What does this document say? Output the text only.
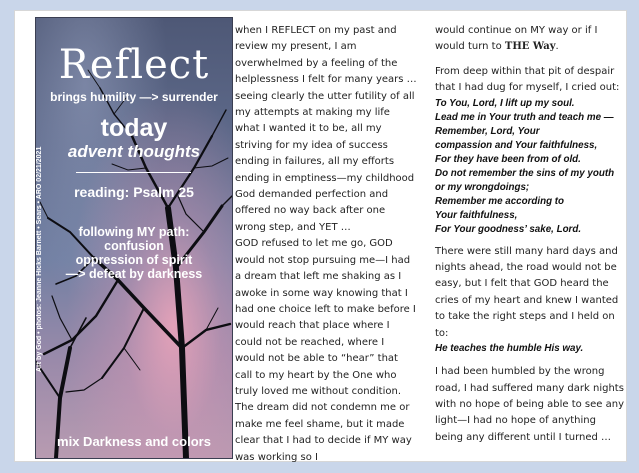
Reflect
brings humility —> surrender
today
advent thoughts
reading: Psalm 25
following MY path:
confusion
oppression of spirit
—> defeat by darkness
Art by God • photos: Jeanne Hicks Barnett • Sears • ARO 02/21/2021
mix Darkness and colors

when I REFLECT on my past and review my present, I am overwhelmed by a feeling of the helplessness I felt for many years … seeing clearly the utter futility of all my attempts at making my life what I wanted it to be, all my striving for my idea of success ending in failures, all my efforts ending in emptiness—my childhood God demanded perfection and offered no way back after one wrong step, and YET …

GOD refused to let me go, GOD would not stop pursuing me—I had a dream that left me shaking as I awoke in some way knowing that I had one choice left to make before I would reach that place where I could not be reached, where I would not be able to “hear” that call to my heart by the One who truly loved me without condition. The dream did not condemn me or make me feel shame, but it made clear that I had to decide if MY way was working so I

would continue on MY way or if I

would turn to THE Way.

From deep within that pit of despair that I had dug for myself, I cried out:

To You, Lord, I lift up my soul.
Lead me in Your truth and teach me —
Remember, Lord, Your
compassion and Your faithfulness,
For they have been from of old.
Do not remember the sins of my youth
or my wrongdoings;
Remember me according to
Your faithfulness,
For Your goodness’ sake, Lord.

There were still many hard days and nights ahead, the road would not be easy, but I felt that GOD heard the cries of my heart and knew I wanted to take the right steps and I held on to:

He teaches the humble His way.

I had been humbled by the wrong road, I had suffered many dark nights with no hope of being able to see any light—I had no hope of anything being any different until I turned …
